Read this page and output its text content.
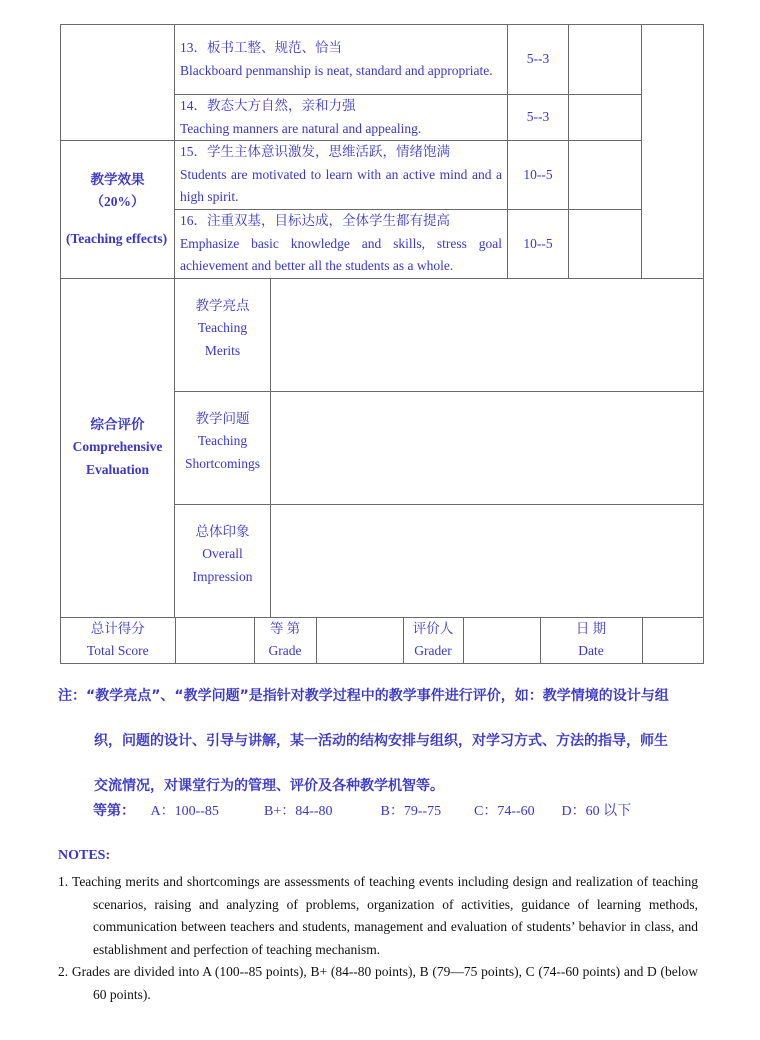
13．板书工整、规范、恰当
Blackboard penmanship is neat, standard and appropriate.	5--3		

14．教态大方自然，亲和力强
Teaching manners are natural and appealing.	5--3	

教学效果
（20%）
(Teaching effects)

15．学生主体意识激发，思维活跃，情绪饱满
Students are motivated to learn with an active mind and a high spirit.	10--5	

16．注重双基，目标达成，全体学生都有提高
Emphasize basic knowledge and skills, stress goal achievement and better all the students as a whole.	10--5	

综合评价
Comprehensive Evaluation

教学亮点
Teaching
Merits

教学问题
Teaching
Shortcomings

总体印象
Overall
Impression

总计得分
Total Score

等 第
Grade

评价人
Grader

日 期
Date

注：“教学亮点”、“教学问题”是指针对教学过程中的教学事件进行评价，如：教学情境的设计与组

织，问题的设计、引导与讲解，某一活动的结构安排与组织，对学习方式、方法的指导，师生

交流情况，对课堂行为的管理、评价及各种教学机智等。

等第： A：100--85	B+：84--80	B：79--75 C：74--60 D：60 以下

NOTES:

1. Teaching merits and shortcomings are assessments of teaching events including design and realization of teaching scenarios, raising and analyzing of problems, organization of activities, guidance of learning methods, communication between teachers and students, management and evaluation of students’ behavior in class, and establishment and perfection of teaching mechanism.

2. Grades are divided into A (100--85 points), B+ (84--80 points), B (79—75 points), C (74--60 points) and D (below 60 points).
